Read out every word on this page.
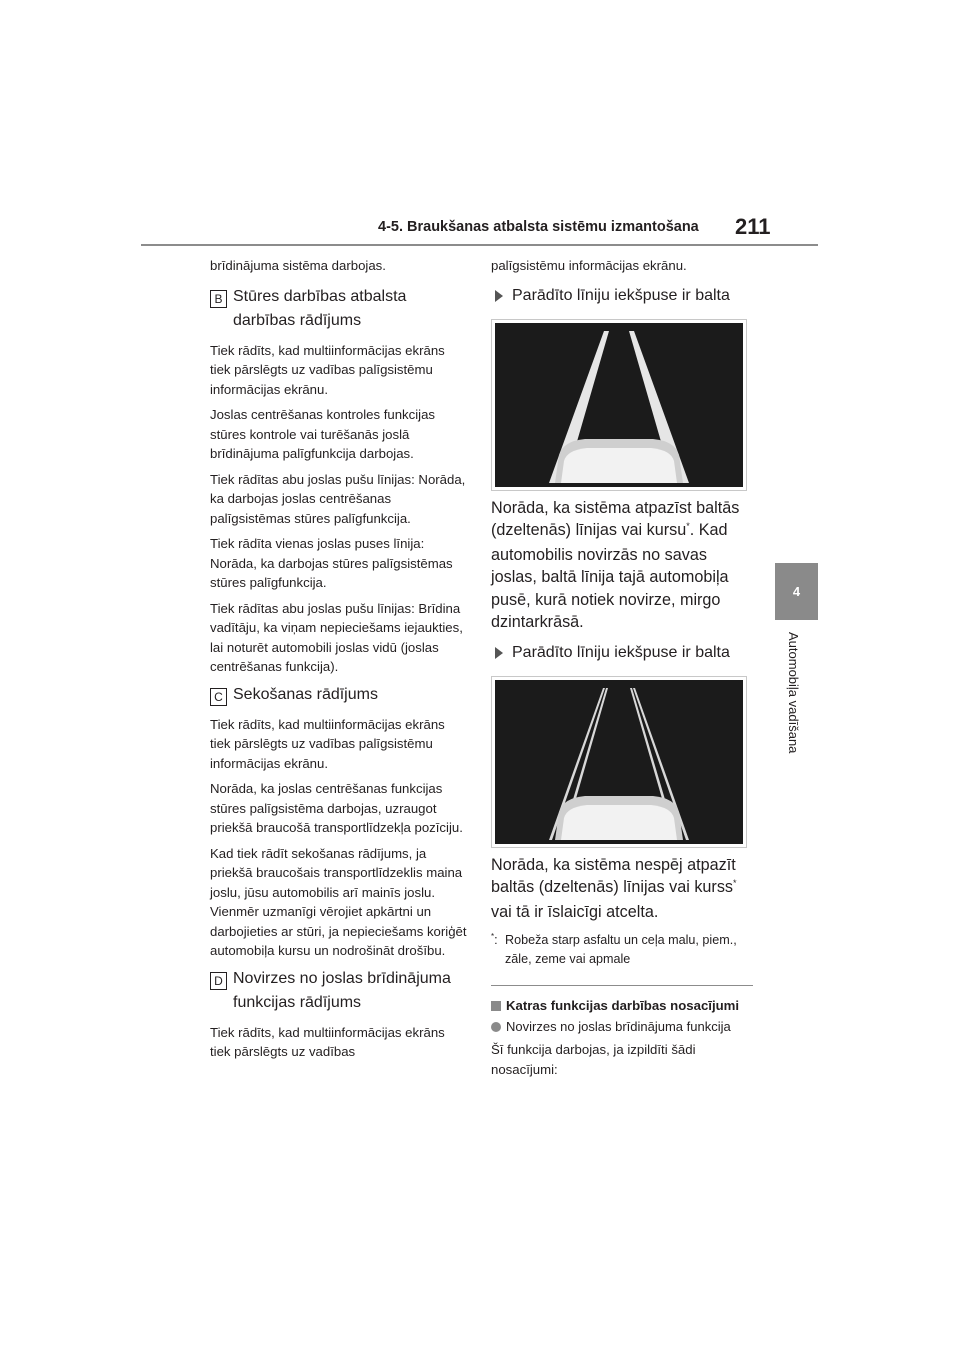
4-5. Braukšanas atbalsta sistēmu izmantošana 211
4
Automobiļa vadīšana

brīdinājuma sistēma darbojas.

B Stūres darbības atbalsta darbības rādījums

Tiek rādīts, kad multiinformācijas ekrāns tiek pārslēgts uz vadības palīgsistēmu informācijas ekrānu.

Joslas centrēšanas kontroles funkcijas stūres kontrole vai turēšanās joslā brīdinājuma palīgfunkcija darbojas.

Tiek rādītas abu joslas pušu līnijas: Norāda, ka darbojas joslas centrēšanas palīgsistēmas stūres palīgfunkcija.

Tiek rādīta vienas joslas puses līnija: Norāda, ka darbojas stūres palīgsistēmas stūres palīgfunkcija.

Tiek rādītas abu joslas pušu līnijas: Brīdina vadītāju, ka viņam nepieciešams iejaukties, lai noturēt automobili joslas vidū (joslas centrēšanas funkcija).

C Sekošanas rādījums

Tiek rādīts, kad multiinformācijas ekrāns tiek pārslēgts uz vadības palīgsistēmu informācijas ekrānu.

Norāda, ka joslas centrēšanas funkcijas stūres palīgsistēma darbojas, uzraugot priekšā braucošā transportlīdzekļa pozīciju.

Kad tiek rādīt sekošanas rādījums, ja priekšā braucošais transportlīdzeklis maina joslu, jūsu automobilis arī mainīs joslu. Vienmēr uzmanīgi vērojiet apkārtni un darbojieties ar stūri, ja nepieciešams koriģēt automobiļa kursu un nodrošināt drošību.

D Novirzes no joslas brīdinājuma funkcijas rādījums

Tiek rādīts, kad multiinformācijas ekrāns tiek pārslēgts uz vadības

palīgsistēmu informācijas ekrānu.

Parādīto līniju iekšpuse ir balta

Norāda, ka sistēma atpazīst baltās (dzeltenās) līnijas vai kursu*. Kad automobilis novirzās no savas joslas, baltā līnija tajā automobiļa pusē, kurā notiek novirze, mirgo dzintarkrāsā.

Parādīto līniju iekšpuse ir balta

Norāda, ka sistēma nespēj atpazīt baltās (dzeltenās) līnijas vai kurss* vai tā ir īslaicīgi atcelta.

*: Robeža starp asfaltu un ceļa malu, piem., zāle, zeme vai apmale
Katras funkcijas darbības nosacījumi
Novirzes no joslas brīdinājuma funkcija

Šī funkcija darbojas, ja izpildīti šādi nosacījumi:
